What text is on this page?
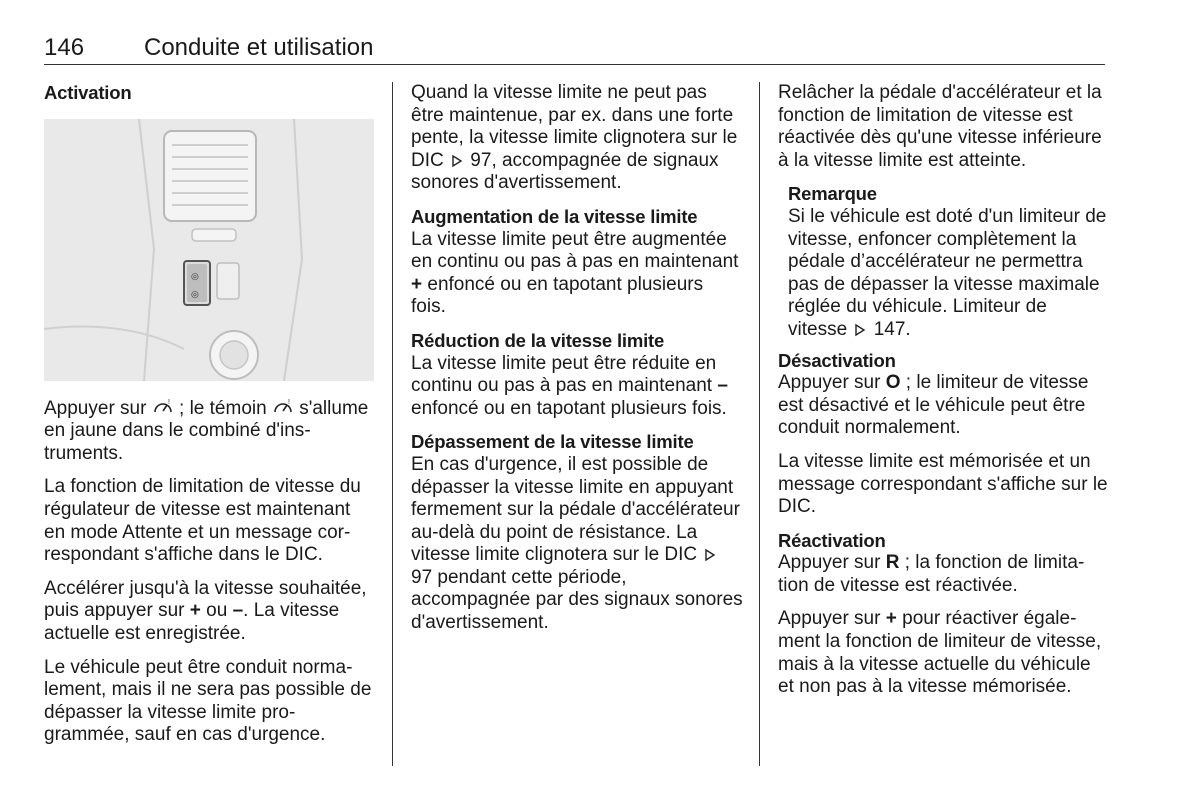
146 Conduite et utilisation
Activation
◎
◎

Appuyer sur	! ; le témoin	! s'allume en jaune dans le combiné d'instruments.

La fonction de limitation de vitesse du régulateur de vitesse est maintenant en mode Attente et un message correspondant s'affiche dans le DIC.

Accélérer jusqu'à la vitesse souhaitée, puis appuyer sur + ou –. La vitesse actuelle est enregistrée.

Le véhicule peut être conduit normalement, mais il ne sera pas possible de dépasser la vitesse limite programmée, sauf en cas d'urgence.

Quand la vitesse limite ne peut pas être maintenue, par ex. dans une forte pente, la vitesse limite clignotera sur le DIC 97, accompagnée de signaux sonores d'avertissement.

Augmentation de la vitesse limite
La vitesse limite peut être augmentée en continu ou pas à pas en maintenant + enfoncé ou en tapotant plusieurs fois.

Réduction de la vitesse limite
La vitesse limite peut être réduite en continu ou pas à pas en maintenant – enfoncé ou en tapotant plusieurs fois.

Dépassement de la vitesse limite
En cas d'urgence, il est possible de dépasser la vitesse limite en appuyant fermement sur la pédale d'accélérateur au-delà du point de résistance. La vitesse limite clignotera sur le DIC  97 pendant cette période, accompagnée par des signaux sonores d'avertissement.

Relâcher la pédale d'accélérateur et la fonction de limitation de vitesse est réactivée dès qu'une vitesse inférieure à la vitesse limite est atteinte.

Remarque
Si le véhicule est doté d'un limiteur de vitesse, enfoncer complètement la pédale d’accélérateur ne permettra pas de dépasser la vitesse maximale réglée du véhicule. Limiteur de vitesse 147.

Désactivation
Appuyer sur O ; le limiteur de vitesse est désactivé et le véhicule peut être conduit normalement.

La vitesse limite est mémorisée et un message correspondant s'affiche sur le DIC.

Réactivation
Appuyer sur R ; la fonction de limitation de vitesse est réactivée.

Appuyer sur + pour réactiver également la fonction de limiteur de vitesse, mais à la vitesse actuelle du véhicule et non pas à la vitesse mémorisée.
